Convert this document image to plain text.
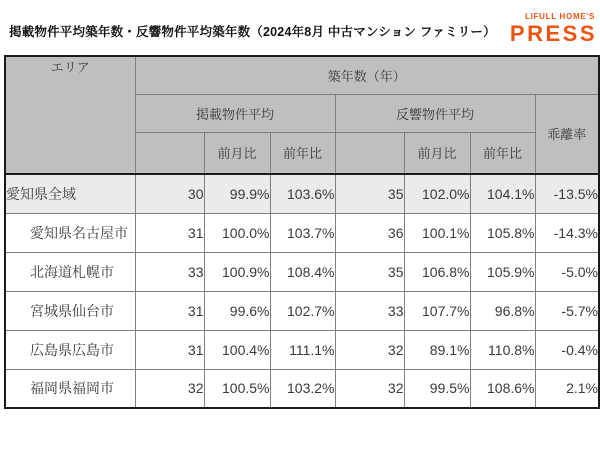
掲載物件平均築年数・反響物件平均築年数（2024年8月 中古マンション ファミリー）
LIFULL HOME'S
PRESS
エリア	築年数（年）						
	掲載物件平均			反響物件平均			乖離率
		前月比	前年比		前月比	前年比	
愛知県全域	30	99.9%	103.6%	35	102.0%	104.1%	-13.5%
愛知県名古屋市	31	100.0%	103.7%	36	100.1%	105.8%	-14.3%
北海道札幌市	33	100.9%	108.4%	35	106.8%	105.9%	-5.0%
宮城県仙台市	31	99.6%	102.7%	33	107.7%	96.8%	-5.7%
広島県広島市	31	100.4%	111.1%	32	89.1%	110.8%	-0.4%
福岡県福岡市	32	100.5%	103.2%	32	99.5%	108.6%	2.1%
